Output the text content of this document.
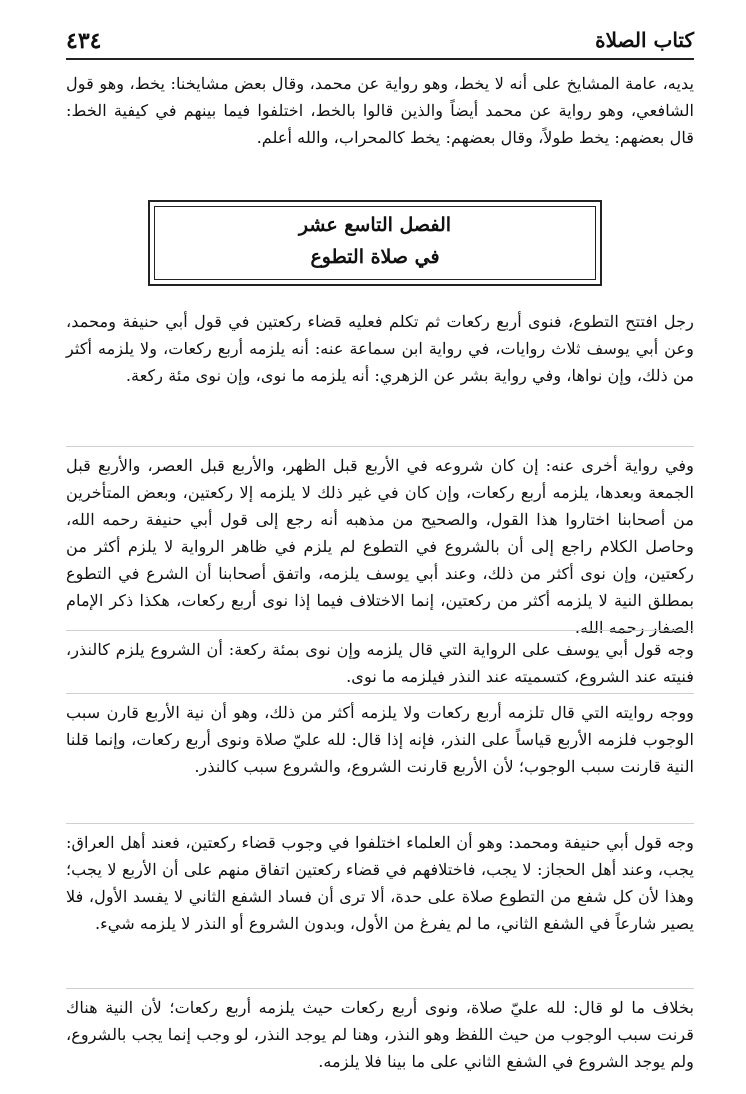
كتاب الصلاة
٤٣٤

يديه، عامة المشايخ على أنه لا يخط، وهو رواية عن محمد، وقال بعض مشايخنا: يخط، وهو قول الشافعي، وهو رواية عن محمد أيضاً والذين قالوا بالخط، اختلفوا فيما بينهم في كيفية الخط: قال بعضهم: يخط طولاً، وقال بعضهم: يخط كالمحراب، والله أعلم.

الفصل التاسع عشر
في صلاة التطوع

رجل افتتح التطوع، فنوى أربع ركعات ثم تكلم فعليه قضاء ركعتين في قول أبي حنيفة ومحمد، وعن أبي يوسف ثلاث روايات، في رواية ابن سماعة عنه: أنه يلزمه أربع ركعات، ولا يلزمه أكثر من ذلك، وإن نواها، وفي رواية بشر عن الزهري: أنه يلزمه ما نوى، وإن نوى مئة ركعة.

وفي رواية أخرى عنه: إن كان شروعه في الأربع قبل الظهر، والأربع قبل العصر، والأربع قبل الجمعة وبعدها، يلزمه أربع ركعات، وإن كان في غير ذلك لا يلزمه إلا ركعتين، وبعض المتأخرين من أصحابنا اختاروا هذا القول، والصحيح من مذهبه أنه رجع إلى قول أبي حنيفة رحمه الله، وحاصل الكلام راجع إلى أن بالشروع في التطوع لم يلزم في ظاهر الرواية لا يلزم أكثر من ركعتين، وإن نوى أكثر من ذلك، وعند أبي يوسف يلزمه، واتفق أصحابنا أن الشرع في التطوع بمطلق النية لا يلزمه أكثر من ركعتين، إنما الاختلاف فيما إذا نوى أربع ركعات، هكذا ذكر الإمام الصفار رحمه الله.

وجه قول أبي يوسف على الرواية التي قال يلزمه وإن نوى بمئة ركعة: أن الشروع يلزم كالنذر، فنيته عند الشروع، كتسميته عند النذر فيلزمه ما نوى.

ووجه روايته التي قال تلزمه أربع ركعات ولا يلزمه أكثر من ذلك، وهو أن نية الأربع قارن سبب الوجوب فلزمه الأربع قياساً على النذر، فإنه إذا قال: لله عليّ صلاة ونوى أربع ركعات، وإنما قلنا النية قارنت سبب الوجوب؛ لأن الأربع قارنت الشروع، والشروع سبب كالنذر.

وجه قول أبي حنيفة ومحمد: وهو أن العلماء اختلفوا في وجوب قضاء ركعتين، فعند أهل العراق: يجب، وعند أهل الحجاز: لا يجب، فاختلافهم في قضاء ركعتين اتفاق منهم على أن الأربع لا يجب؛ وهذا لأن كل شفع من التطوع صلاة على حدة، ألا ترى أن فساد الشفع الثاني لا يفسد الأول، فلا يصير شارعاً في الشفع الثاني، ما لم يفرغ من الأول، وبدون الشروع أو النذر لا يلزمه شيء.

بخلاف ما لو قال: لله عليّ صلاة، ونوى أربع ركعات حيث يلزمه أربع ركعات؛ لأن النية هناك قرنت سبب الوجوب من حيث اللفظ وهو النذر، وهنا لم يوجد النذر، لو وجب إنما يجب بالشروع، ولم يوجد الشروع في الشفع الثاني على ما بينا فلا يلزمه.
